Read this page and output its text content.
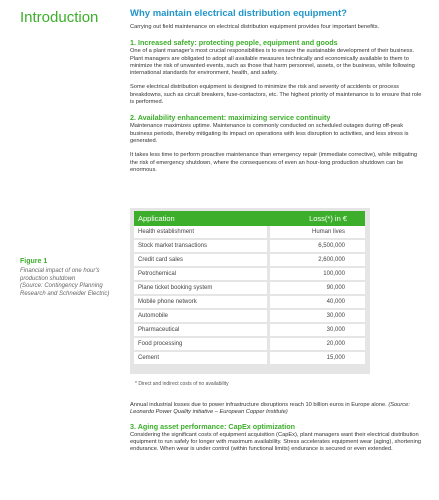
Introduction	Why maintain electrical distribution equipment?

Carrying out field maintenance on electrical distribution equipment provides four important benefits.

1. Increased safety: protecting people, equipment and goods

One of a plant manager's most crucial responsibilities is to ensure the sustainable development of their business. Plant managers are obligated to adopt all available measures technically and economically available to them to minimize the risk of unwanted events, such as those that harm personnel, assets, or the business, while following international standards for environment, health, and safety.

Some electrical distribution equipment is designed to minimize the risk and severity of accidents or process breakdowns, such as circuit breakers, fuse-contactors, etc. The highest priority of maintenance is to ensure that role is performed.

2. Availability enhancement: maximizing service continuity

Maintenance maximizes uptime. Maintenance is commonly conducted on scheduled outages during off-peak business periods, thereby mitigating its impact on operations with less disruption to activities, and less stress is generated.

It takes less time to perform proactive maintenance than emergency repair (immediate corrective), while mitigating the risk of emergency shutdown, where the consequences of even an hour-long production shutdown can be enormous.

Figure 1

Financial impact of one hour's production shutdown
(Source: Contingency Planning Research and Schneider Electric)

Application	Loss(*) in €
Health establishment	Human lives
Stock market transactions	6,500,000
Credit card sales	2,600,000
Petrochemical	100,000
Plane ticket booking system	90,000
Mobile phone network	40,000
Automobile	30,000
Pharmaceutical	30,000
Food processing	20,000
Cement	15,000

* Direct and indirect costs of no availability

Annual industrial losses due to power infrastructure disruptions reach 10 billion euros in Europe alone. (Source: Leonardo Power Quality initiative – European Copper Institute)

3. Aging asset performance: CapEx optimization

Considering the significant costs of equipment acquisition (CapEx), plant managers want their electrical distribution equipment to run safely for longer with maximum availability. Stress accelerates equipment wear (aging), shortening endurance. When wear is under control (within functional limits) endurance is secured or even extended.
